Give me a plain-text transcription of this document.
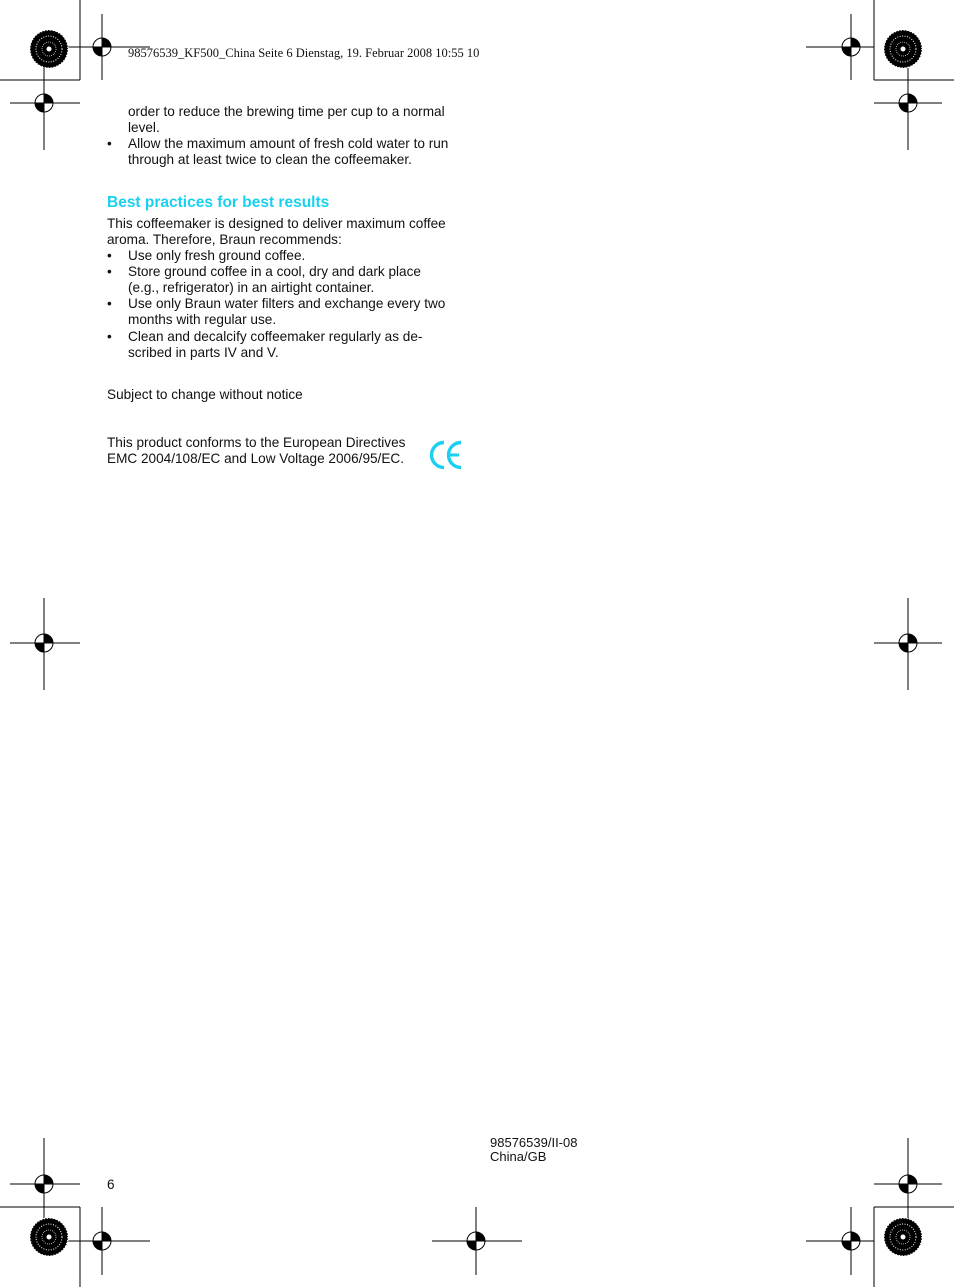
98576539_KF500_China Seite 6 Dienstag, 19. Februar 2008 10:55 10
order to reduce the brewing time per cup to a normal
level.
• Allow the maximum amount of fresh cold water to run
through at least twice to clean the coffeemaker.
Best practices for best results
This coffeemaker is designed to deliver maximum coffee
aroma. Therefore, Braun recommends:
• Use only fresh ground coffee.
• Store ground coffee in a cool, dry and dark place
(e.g., refrigerator) in an airtight container.
• Use only Braun water filters and exchange every two
months with regular use.
• Clean and decalcify coffeemaker regularly as de-
scribed in parts IV and V.
Subject to change without notice
This product conforms to the European Directives
EMC 2004/108/EC and Low Voltage 2006/95/EC.
98576539/II-08
China/GB
6
